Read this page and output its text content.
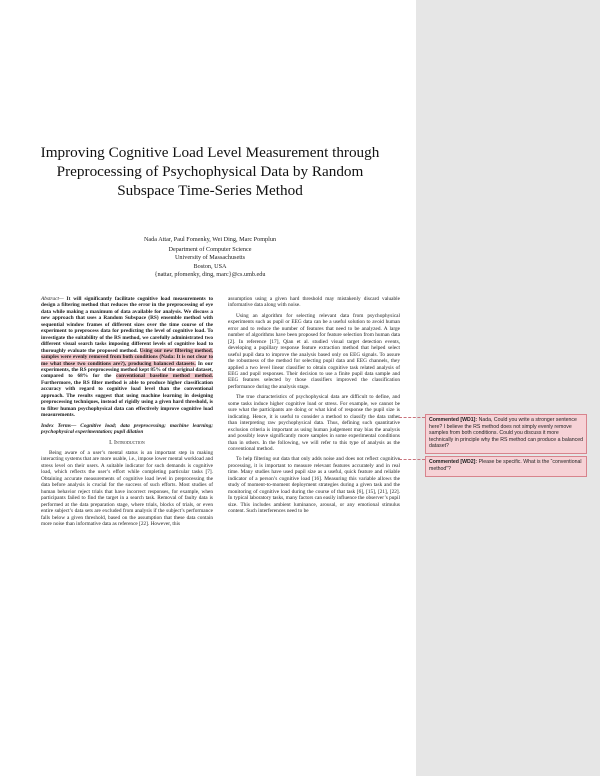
Improving Cognitive Load Level Measurement through Preprocessing of Psychophysical Data by Random Subspace Time-Series Method
Nada Attar, Paul Fomenky, Wei Ding, Marc Pomplun
Department of Computer Science
University of Massachusetts
Boston, USA
{nattar, pfomenky, ding, marc}@cs.umb.edu

Abstract— It will significantly facilitate cognitive load measurements to design a filtering method that reduces the error in the preprocessing of eye data while making a maximum of data available for analysis. We discuss a new approach that uses a Random Subspace (RS) ensemble method with sequential window frames of different sizes over the time course of the experiment to preprocess data for predicting the level of cognitive load. To investigate the suitability of the RS method, we carefully administrated two different visual search tasks imposing different levels of cognitive load to thoroughly evaluate the proposed method. Using our new filtering method, samples were evenly removed from both conditions (Nada: It is not clear to me what those two conditions are?), producing balanced datasets. In our experiments, the RS preprocessing method kept 85% of the original dataset, compared to 68% for the conventional baseline method method. Furthermore, the RS filter method is able to produce higher classification accuracy with regard to cognitive load level than the conventional approach. The results suggest that using machine learning in designing preprocessing techniques, instead of rigidly using a given hard threshold, is to filter human psychophysical data can effectively improve cognitive load measurements.

Index Terms— Cognitive load; data preprocessing; machine learning; psychophysical experimentation; pupil dilation

I. Introduction

Being aware of a user’s mental status is an important step in making interacting systems that are more usable, i.e., impose lower mental workload and stress level on their users. A suitable indicator for such demands is cognitive load, which reflects the user’s effort while completing particular tasks [7]. Obtaining accurate measurements of cognitive load level in preprocessing the data before analysis is crucial for the success of such efforts. Most studies of human behavior reject trials that have incorrect responses, for example, when participants failed to find the target in a search task. Removal of faulty data is performed at the data preparation stage, where trials, blocks of trials, or even entire subject’s data sets are excluded from analysis if the subject’s performance falls below a given threshold, based on the assumption that these data contain more noise than informative data as reference [22]. However, this

assumption using a given hard threshold may mistakenly discard valuable informative data along with noise.

Using an algorithm for selecting relevant data from psychophysical experiments such as pupil or EEG data can be a useful solution to avoid human error and to reduce the number of features that need to be analyzed. A large number of algorithms have been proposed for feature selection from human data [2]. In reference [17], Qian et al. studied visual target detection events, developing a pupillary response feature extraction method that helped select useful pupil data to improve the analysis based only on EEG signals. To assure the robustness of the method for selecting pupil data and EEG channels, they applied a two level linear classifier to obtain cognitive task related analysis of EEG and pupil responses. Their decision to use a finite pupil data sample and EEG features selected by those classifiers improved the classification performance during the analysis stage.

The true characteristics of psychophysical data are difficult to define, and some tasks induce higher cognitive load or stress. For example, we cannot be sure what the participants are doing or what kind of response the pupil size is indicating. Hence, it is useful to consider a method to classify the data rather than interpreting raw psychophysical data. Thus, defining such quantitative exclusion criteria is important as using human judgement may bias the analysis and possibly leave significantly more samples in some experimental conditions than in others. In the following, we will refer to this type of analysis as the conventional method.

To help filtering out data that only adds noise and does not reflect cognitive processing, it is important to measure relevant features accurately and in real time. Many studies have used pupil size as a useful, quick feature and reliable indicator of a person’s cognitive load [16]. Measuring this variable allows the study of moment-to-moment deployment strategies during a given task and the monitoring of cognitive load during the course of that task [6], [15], [21], [22]. In typical laboratory tasks, many factors can easily influence the observer’s pupil size. This includes ambient luminance, arousal, or any emotional stimulus content. Such interferences need to be

Commented [WD1]: Nada, Could you write a stronger sentence here? I believe the RS method does not simply evenly remove samples from both conditions. Could you discuss it more technically in principle why the RS method can produce a balanced dataset?
Commented [WD2]: Please be specific. What is the “conventional method”?
